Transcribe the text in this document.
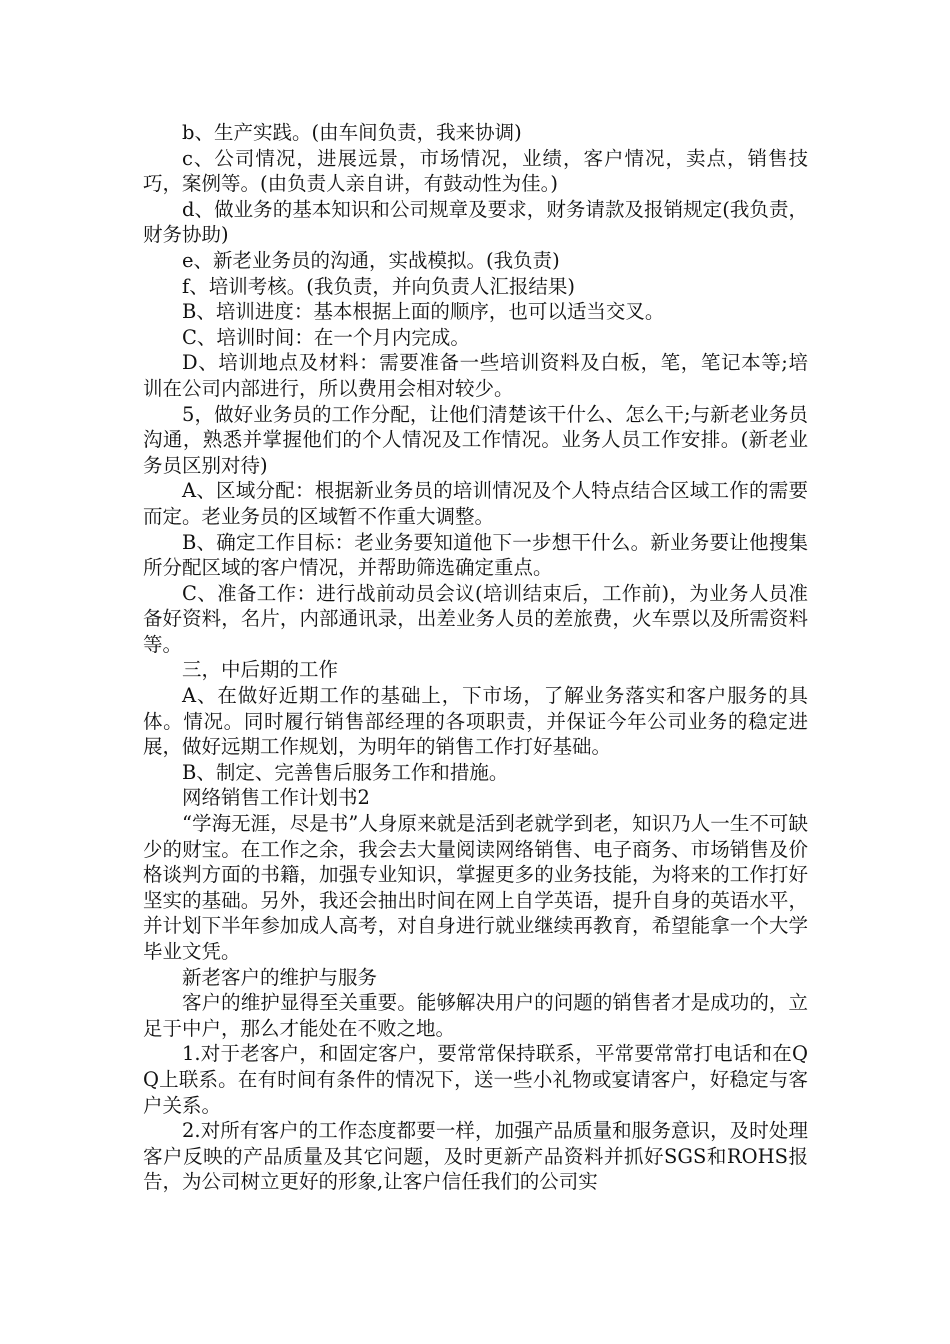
b、生产实践。(由车间负责，我来协调)

c、公司情况，进展远景，市场情况，业绩，客户情况，卖点，销售技巧，案例等。(由负责人亲自讲，有鼓动性为佳。)

d、做业务的基本知识和公司规章及要求，财务请款及报销规定(我负责，财务协助)

e、新老业务员的沟通，实战模拟。(我负责)

f、培训考核。(我负责，并向负责人汇报结果)

B、培训进度：基本根据上面的顺序，也可以适当交叉。

C、培训时间：在一个月内完成。

D、培训地点及材料：需要准备一些培训资料及白板，笔，笔记本等;培训在公司内部进行，所以费用会相对较少。

5，做好业务员的工作分配，让他们清楚该干什么、怎么干;与新老业务员沟通，熟悉并掌握他们的个人情况及工作情况。业务人员工作安排。(新老业务员区别对待)

A、区域分配：根据新业务员的培训情况及个人特点结合区域工作的需要而定。老业务员的区域暂不作重大调整。

B、确定工作目标：老业务要知道他下一步想干什么。新业务要让他搜集所分配区域的客户情况，并帮助筛选确定重点。

C、准备工作：进行战前动员会议(培训结束后，工作前)，为业务人员准备好资料，名片，内部通讯录，出差业务人员的差旅费，火车票以及所需资料等。

三，中后期的工作

A、在做好近期工作的基础上，下市场，了解业务落实和客户服务的具体。情况。同时履行销售部经理的各项职责，并保证今年公司业务的稳定进展，做好远期工作规划，为明年的销售工作打好基础。

B、制定、完善售后服务工作和措施。

网络销售工作计划书2

“学海无涯，尽是书”人身原来就是活到老就学到老，知识乃人一生不可缺少的财宝。在工作之余，我会去大量阅读网络销售、电子商务、市场销售及价格谈判方面的书籍，加强专业知识，掌握更多的业务技能，为将来的工作打好坚实的基础。另外，我还会抽出时间在网上自学英语，提升自身的英语水平，并计划下半年参加成人高考，对自身进行就业继续再教育，希望能拿一个大学毕业文凭。

新老客户的维护与服务

客户的维护显得至关重要。能够解决用户的问题的销售者才是成功的，立足于中户，那么才能处在不败之地。

1.对于老客户，和固定客户，要常常保持联系，平常要常常打电话和在QQ上联系。在有时间有条件的情况下，送一些小礼物或宴请客户，好稳定与客户关系。

2.对所有客户的工作态度都要一样，加强产品质量和服务意识，及时处理客户反映的产品质量及其它问题，及时更新产品资料并抓好SGS和ROHS报告，为公司树立更好的形象,让客户信任我们的公司实
